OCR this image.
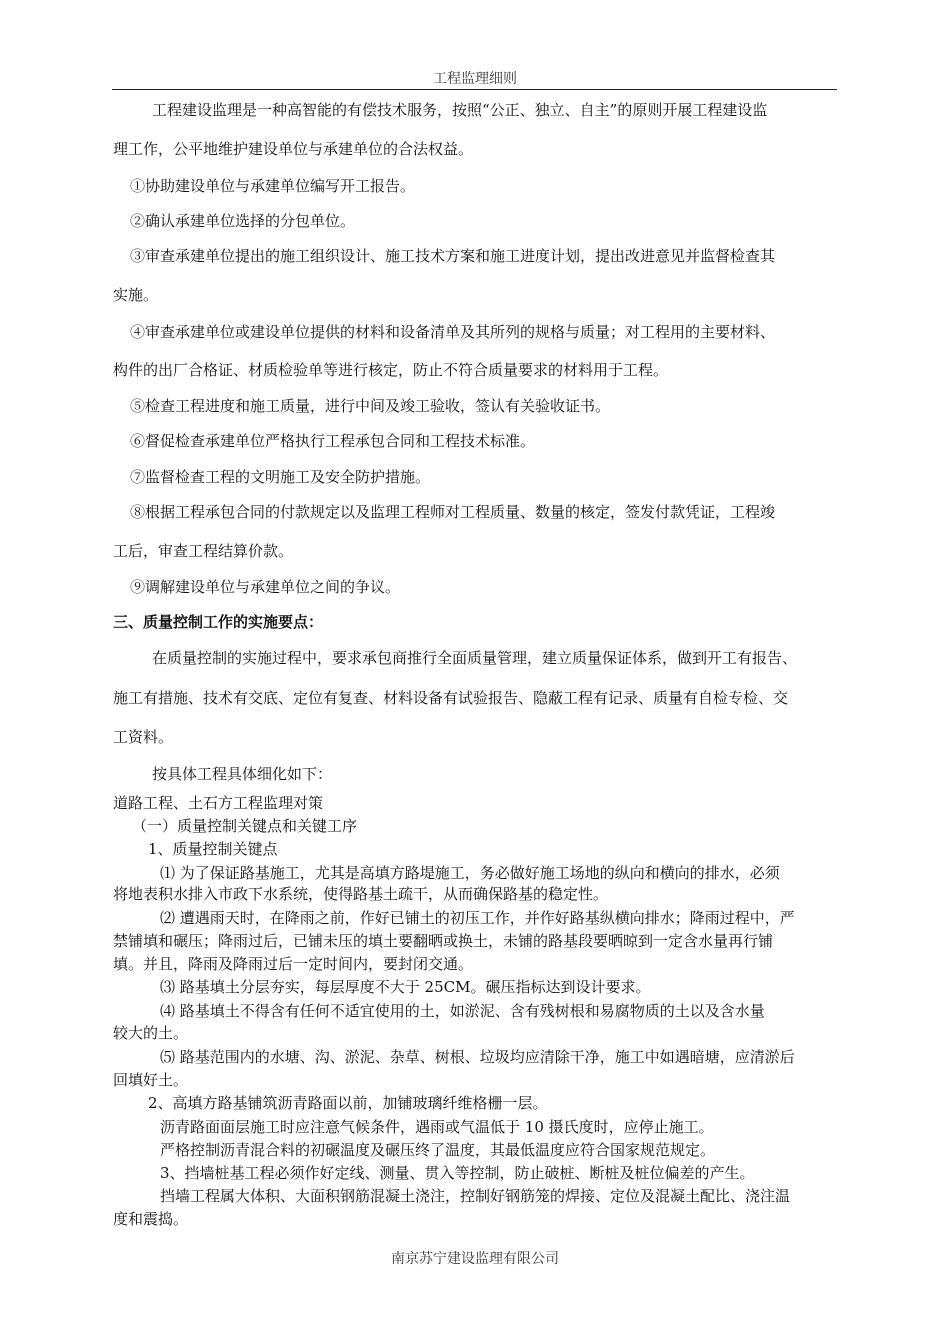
工程监理细则
工程建设监理是一种高智能的有偿技术服务，按照“公正、独立、自主”的原则开展工程建设监
理工作，公平地维护建设单位与承建单位的合法权益。
①协助建设单位与承建单位编写开工报告。
②确认承建单位选择的分包单位。
③审查承建单位提出的施工组织设计、施工技术方案和施工进度计划，提出改进意见并监督检查其
实施。
④审查承建单位或建设单位提供的材料和设备清单及其所列的规格与质量；对工程用的主要材料、
构件的出厂合格证、材质检验单等进行核定，防止不符合质量要求的材料用于工程。
⑤检查工程进度和施工质量，进行中间及竣工验收，签认有关验收证书。
⑥督促检查承建单位严格执行工程承包合同和工程技术标准。
⑦监督检查工程的文明施工及安全防护措施。
⑧根据工程承包合同的付款规定以及监理工程师对工程质量、数量的核定，签发付款凭证，工程竣
工后，审查工程结算价款。
⑨调解建设单位与承建单位之间的争议。
三、质量控制工作的实施要点：
在质量控制的实施过程中，要求承包商推行全面质量管理，建立质量保证体系，做到开工有报告、
施工有措施、技术有交底、定位有复查、材料设备有试验报告、隐蔽工程有记录、质量有自检专检、交
工资料。
按具体工程具体细化如下：
道路工程、土石方工程监理对策
（一）质量控制关键点和关键工序
1、质量控制关键点
⑴ 为了保证路基施工，尤其是高填方路堤施工，务必做好施工场地的纵向和横向的排水，必须
将地表积水排入市政下水系统，使得路基土疏干，从而确保路基的稳定性。
⑵ 遭遇雨天时，在降雨之前，作好已铺土的初压工作，并作好路基纵横向排水；降雨过程中，严
禁铺填和碾压；降雨过后，已铺未压的填土要翻晒或换土，未铺的路基段要晒晾到一定含水量再行铺
填。并且，降雨及降雨过后一定时间内，要封闭交通。
⑶ 路基填土分层夯实，每层厚度不大于 25CM。碾压指标达到设计要求。
⑷ 路基填土不得含有任何不适宜使用的土，如淤泥、含有残树根和易腐物质的土以及含水量
较大的土。
⑸ 路基范围内的水塘、沟、淤泥、杂草、树根、垃圾均应清除干净，施工中如遇暗塘，应清淤后
回填好土。
2、高填方路基铺筑沥青路面以前，加铺玻璃纤维格栅一层。
沥青路面面层施工时应注意气候条件，遇雨或气温低于 10 摄氏度时，应停止施工。
严格控制沥青混合料的初碾温度及碾压终了温度，其最低温度应符合国家规范规定。
3、挡墙桩基工程必须作好定线、测量、贯入等控制，防止破桩、断桩及桩位偏差的产生。
挡墙工程属大体积、大面积钢筋混凝土浇注，控制好钢筋笼的焊接、定位及混凝土配比、浇注温
度和震捣。
南京苏宁建设监理有限公司
